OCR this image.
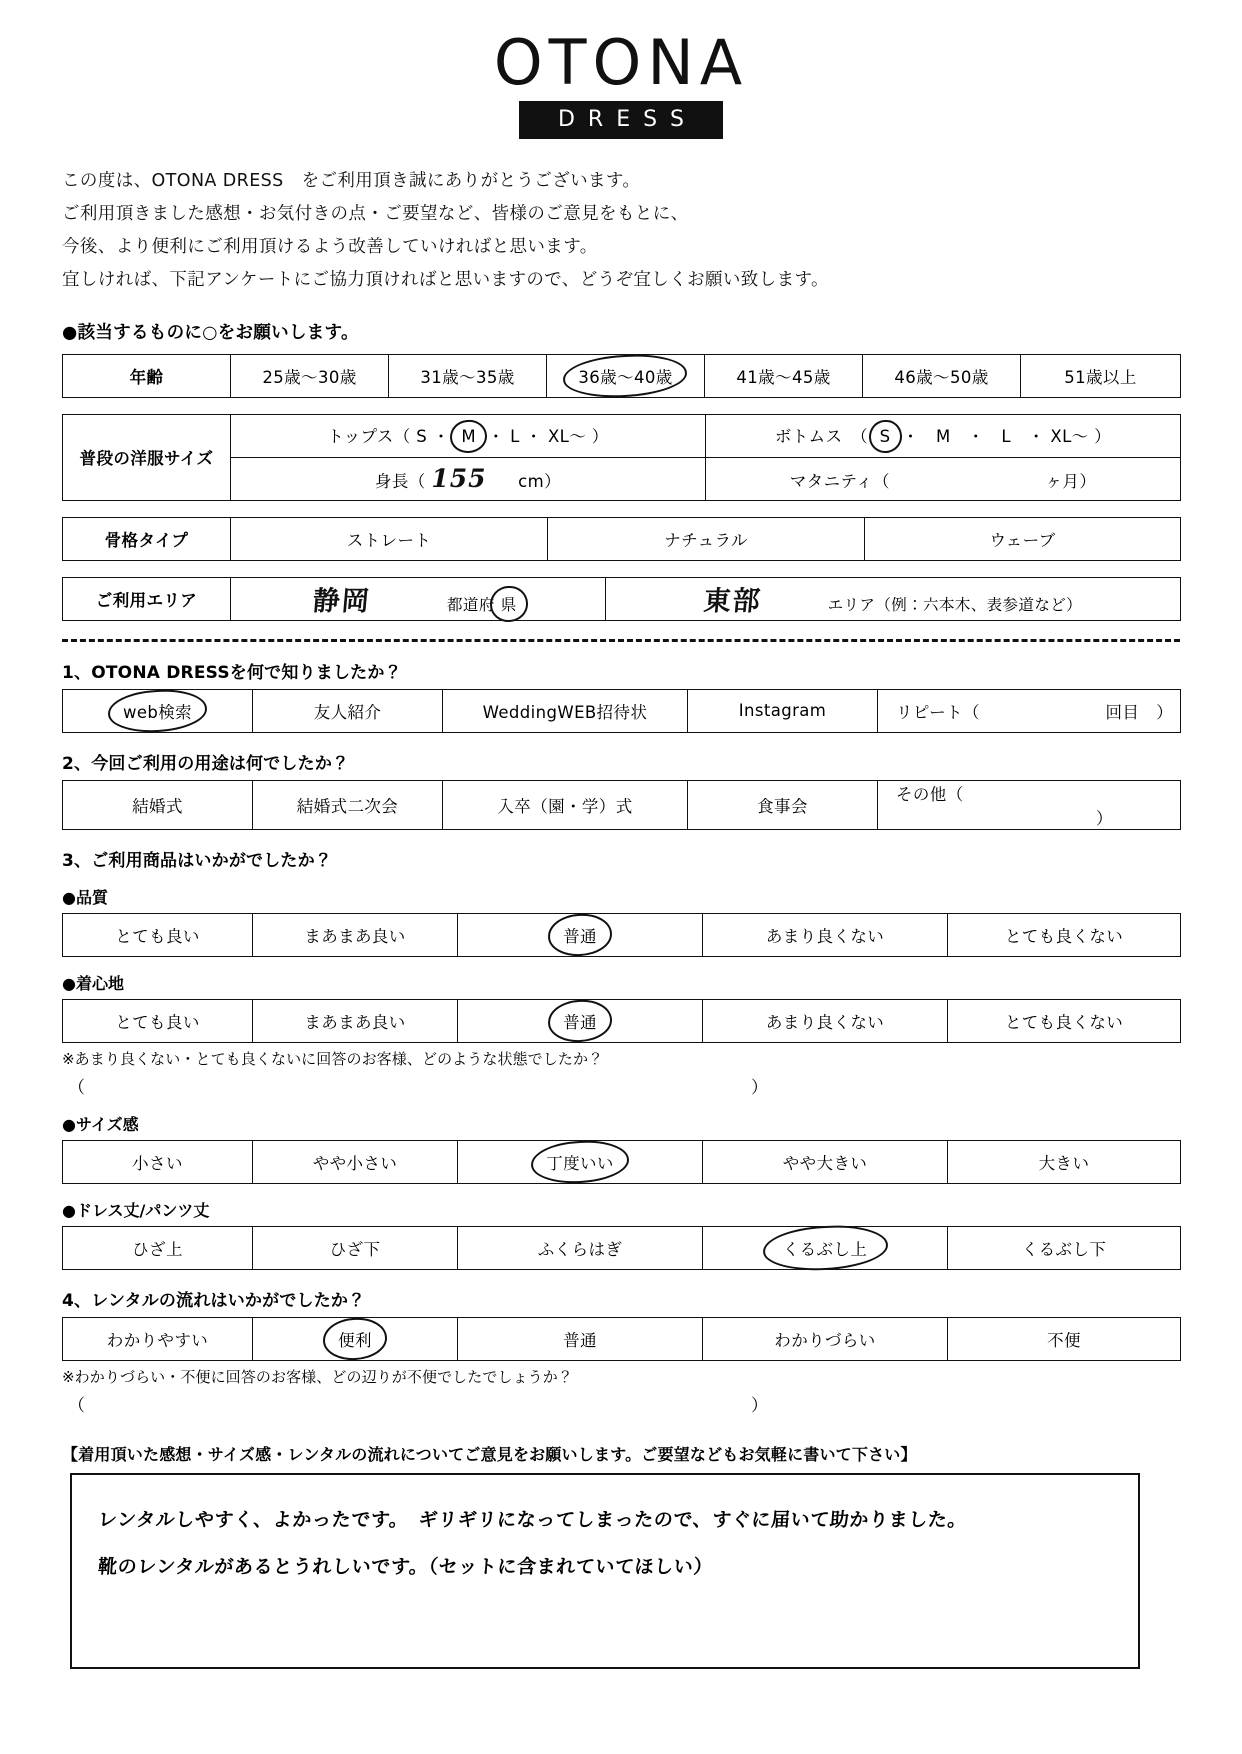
OTONA
DRESS
この度は、OTONA DRESS　をご利用頂き誠にありがとうございます。
ご利用頂きました感想・お気付きの点・ご要望など、皆様のご意見をもとに、
今後、より便利にご利用頂けるよう改善していければと思います。
宜しければ、下記アンケートにご協力頂ければと思いますので、どうぞ宜しくお願い致します。
●該当するものに○をお願いします。
年齢	25歳～30歳	31歳～35歳	36歳～40歳	41歳～45歳	46歳～50歳	51歳以上
普段の洋服サイズ	トップス（ S ・ M ・ L ・ XL～ ）	ボトムス　（ S ・　M　・　L　・ XL～ ）
	身長（ 155 cm）	マタニティ（ ヶ月）
骨格タイプ	ストレート	ナチュラル	ウェーブ
ご利用エリア	静岡	都道府 県	東部	エリア（例：六本木、表参道など）
1、OTONA DRESSを何で知りましたか？
web検索	友人紹介	WeddingWEB招待状	Instagram	リピート（	回目　）
2、今回ご利用の用途は何でしたか？
結婚式	結婚式二次会	入卒（園・学）式	食事会	その他（ ）
3、ご利用商品はいかがでしたか？
●品質
とても良い	まあまあ良い	普通	あまり良くない	とても良くない
●着心地
とても良い	まあまあ良い	普通	あまり良くない	とても良くない
※あまり良くない・とても良くないに回答のお客様、どのような状態でしたか？
（	）
●サイズ感
小さい	やや小さい	丁度いい	やや大きい	大きい
●ドレス丈/パンツ丈
ひざ上	ひざ下	ふくらはぎ	くるぶし上	くるぶし下
4、レンタルの流れはいかがでしたか？
わかりやすい	便利	普通	わかりづらい	不便
※わかりづらい・不便に回答のお客様、どの辺りが不便でしたでしょうか？
（	）
【着用頂いた感想・サイズ感・レンタルの流れについてご意見をお願いします。ご要望などもお気軽に書いて下さい】
レンタルしやすく、よかったです。　ギリギリになってしまったので、すぐに届いて助かりました。
靴のレンタルがあるとうれしいです。（セットに含まれていてほしい）
